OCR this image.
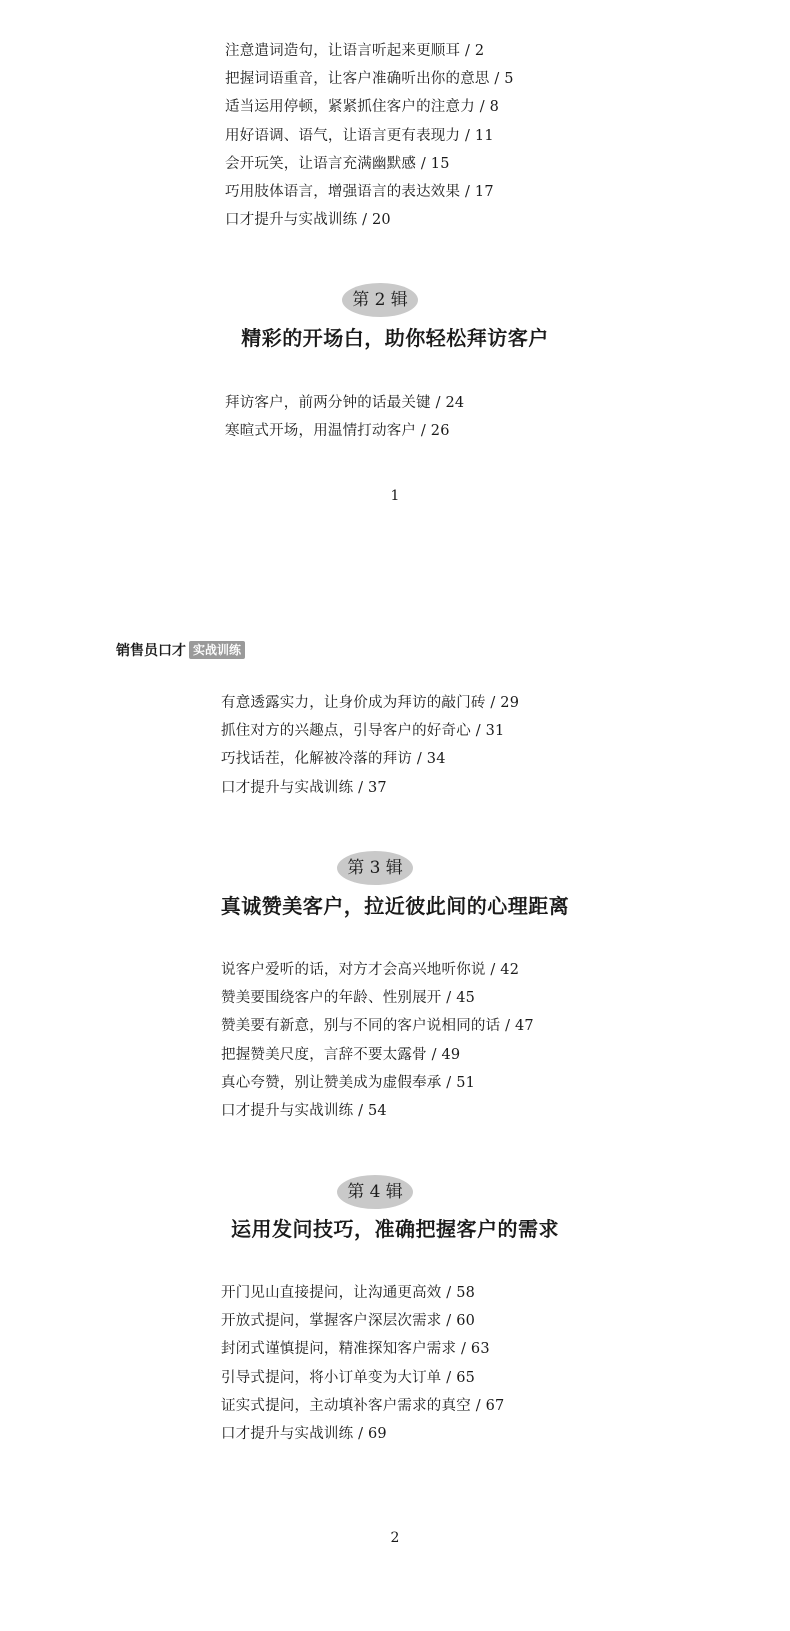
注意遣词造句，让语言听起来更顺耳 / 2
把握词语重音，让客户准确听出你的意思 / 5
适当运用停顿，紧紧抓住客户的注意力 / 8
用好语调、语气，让语言更有表现力 / 11
会开玩笑，让语言充满幽默感 / 15
巧用肢体语言，增强语言的表达效果 / 17
口才提升与实战训练 / 20
第 2 辑
精彩的开场白，助你轻松拜访客户
拜访客户，前两分钟的话最关键 / 24
寒暄式开场，用温情打动客户 / 26
1
销售员口才 实战训练
有意透露实力，让身价成为拜访的敲门砖 / 29
抓住对方的兴趣点，引导客户的好奇心 / 31
巧找话茬，化解被冷落的拜访 / 34
口才提升与实战训练 / 37
第 3 辑
真诚赞美客户，拉近彼此间的心理距离
说客户爱听的话，对方才会高兴地听你说 / 42
赞美要围绕客户的年龄、性别展开 / 45
赞美要有新意，别与不同的客户说相同的话 / 47
把握赞美尺度，言辞不要太露骨 / 49
真心夸赞，别让赞美成为虚假奉承 / 51
口才提升与实战训练 / 54
第 4 辑
运用发问技巧，准确把握客户的需求
开门见山直接提问，让沟通更高效 / 58
开放式提问，掌握客户深层次需求 / 60
封闭式谨慎提问，精准探知客户需求 / 63
引导式提问，将小订单变为大订单 / 65
证实式提问，主动填补客户需求的真空 / 67
口才提升与实战训练 / 69
2
